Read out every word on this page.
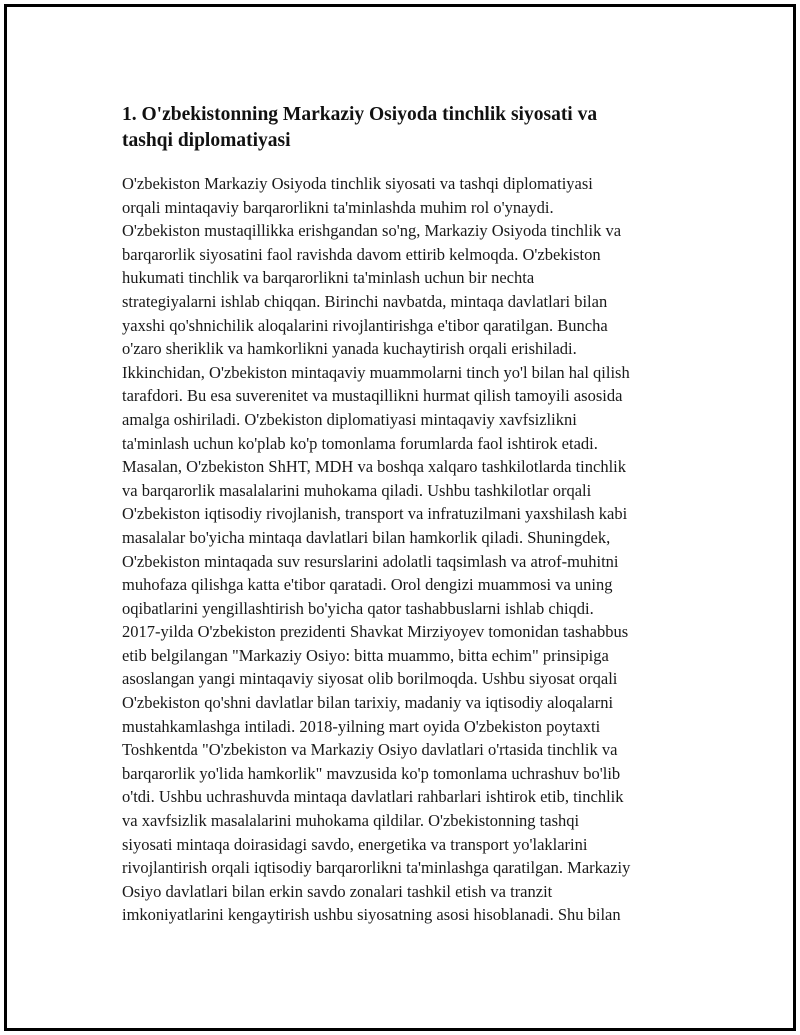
1. O'zbekistonning Markaziy Osiyoda tinchlik siyosati va
tashqi diplomatiyasi

O'zbekiston Markaziy Osiyoda tinchlik siyosati va tashqi diplomatiyasi
orqali mintaqaviy barqarorlikni ta'minlashda muhim rol o'ynaydi.
O'zbekiston mustaqillikka erishgandan so'ng, Markaziy Osiyoda tinchlik va
barqarorlik siyosatini faol ravishda davom ettirib kelmoqda. O'zbekiston
hukumati tinchlik va barqarorlikni ta'minlash uchun bir nechta
strategiyalarni ishlab chiqqan. Birinchi navbatda, mintaqa davlatlari bilan
yaxshi qo'shnichilik aloqalarini rivojlantirishga e'tibor qaratilgan. Buncha
o'zaro sheriklik va hamkorlikni yanada kuchaytirish orqali erishiladi.
Ikkinchidan, O'zbekiston mintaqaviy muammolarni tinch yo'l bilan hal qilish
tarafdori. Bu esa suverenitet va mustaqillikni hurmat qilish tamoyili asosida
amalga oshiriladi. O'zbekiston diplomatiyasi mintaqaviy xavfsizlikni
ta'minlash uchun ko'plab ko'p tomonlama forumlarda faol ishtirok etadi.
Masalan, O'zbekiston ShHT, MDH va boshqa xalqaro tashkilotlarda tinchlik
va barqarorlik masalalarini muhokama qiladi. Ushbu tashkilotlar orqali
O'zbekiston iqtisodiy rivojlanish, transport va infratuzilmani yaxshilash kabi
masalalar bo'yicha mintaqa davlatlari bilan hamkorlik qiladi. Shuningdek,
O'zbekiston mintaqada suv resurslarini adolatli taqsimlash va atrof-muhitni
muhofaza qilishga katta e'tibor qaratadi. Orol dengizi muammosi va uning
oqibatlarini yengillashtirish bo'yicha qator tashabbuslarni ishlab chiqdi.
2017-yilda O'zbekiston prezidenti Shavkat Mirziyoyev tomonidan tashabbus
etib belgilangan "Markaziy Osiyo: bitta muammo, bitta echim" prinsipiga
asoslangan yangi mintaqaviy siyosat olib borilmoqda. Ushbu siyosat orqali
O'zbekiston qo'shni davlatlar bilan tarixiy, madaniy va iqtisodiy aloqalarni
mustahkamlashga intiladi. 2018-yilning mart oyida O'zbekiston poytaxti
Toshkentda "O'zbekiston va Markaziy Osiyo davlatlari o'rtasida tinchlik va
barqarorlik yo'lida hamkorlik" mavzusida ko'p tomonlama uchrashuv bo'lib
o'tdi. Ushbu uchrashuvda mintaqa davlatlari rahbarlari ishtirok etib, tinchlik
va xavfsizlik masalalarini muhokama qildilar. O'zbekistonning tashqi
siyosati mintaqa doirasidagi savdo, energetika va transport yo'laklarini
rivojlantirish orqali iqtisodiy barqarorlikni ta'minlashga qaratilgan. Markaziy
Osiyo davlatlari bilan erkin savdo zonalari tashkil etish va tranzit
imkoniyatlarini kengaytirish ushbu siyosatning asosi hisoblanadi. Shu bilan
